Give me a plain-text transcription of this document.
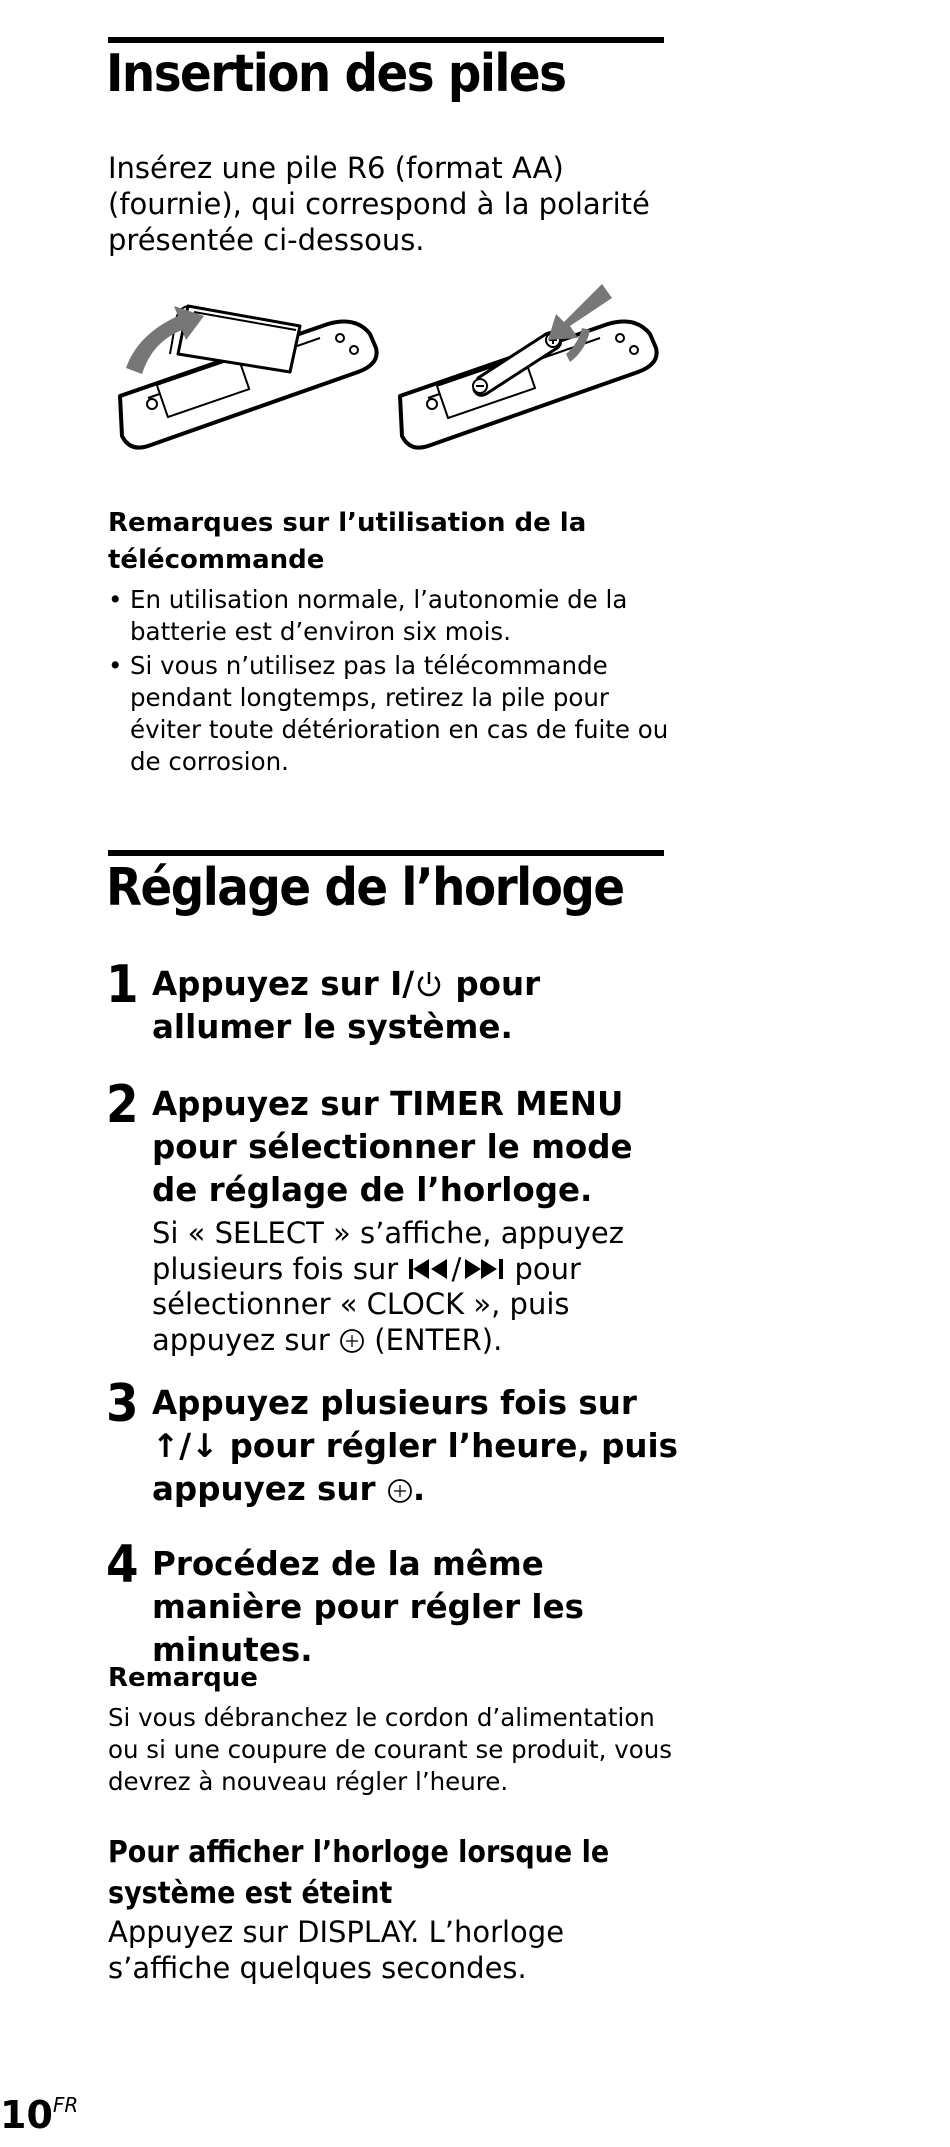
Insertion des piles

Insérez une pile R6 (format AA) (fournie), qui correspond à la polarité présentée ci-dessous.

Remarques sur l’utilisation de la télécommande

• En utilisation normale, l’autonomie de la batterie est d’environ six mois.
• Si vous n’utilisez pas la télécommande pendant longtemps, retirez la pile pour éviter toute détérioration en cas de fuite ou de corrosion.
Réglage de l’horloge
1 Appuyez sur I/ pour allumer le système.
2 Appuyez sur TIMER MENU pour sélectionner le mode de réglage de l’horloge.
Si « SELECT » s’affiche, appuyez plusieurs fois sur / pour sélectionner « CLOCK », puis appuyez sur  (ENTER).
3 Appuyez plusieurs fois sur ↑/↓ pour régler l’heure, puis appuyez sur .
4 Procédez de la même manière pour régler les minutes.

Remarque

Si vous débranchez le cordon d’alimentation ou si une coupure de courant se produit, vous devrez à nouveau régler l’heure.

Pour afficher l’horloge lorsque le système est éteint

Appuyez sur DISPLAY. L’horloge s’affiche quelques secondes.

$10^{FR}$
